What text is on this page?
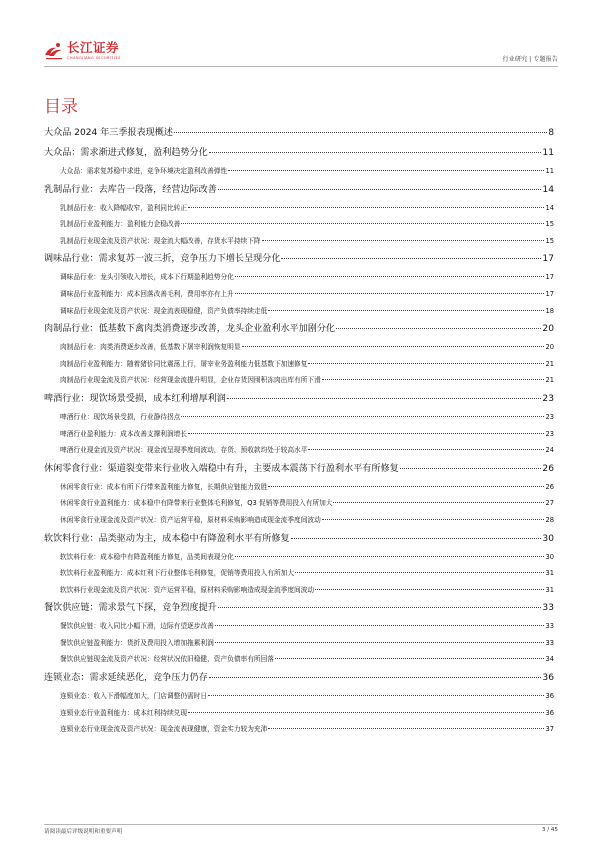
长江证券
CHANGJIANG SECURITIES	行业研究 | 专题报告
目录
大众品 2024 年三季报表现概述	8
大众品：需求渐进式修复，盈利趋势分化	11
大众品：需求复苏稳中求进，竞争环境决定盈利改善弹性	11
乳制品行业：去库告一段落，经营边际改善	14
乳制品行业：收入降幅收窄，盈利同比转正	14
乳制品行业盈利能力：盈利能力企稳改善	15
乳制品行业现金流及资产状况：现金流大幅改善，存货水平持续下降	15
调味品行业：需求复苏一波三折，竞争压力下增长呈现分化	17
调味品行业：龙头引领收入增长，成本下行期盈利趋势分化	17
调味品行业盈利能力：成本回落改善毛利，费用率亦有上升	17
调味品行业现金流及资产状况：现金流表现稳健，资产负债率持续走低	18
肉制品行业：低基数下禽肉类消费逐步改善，龙头企业盈利水平加剧分化	20
肉制品行业：肉类消费逐步改善，低基数下屠宰利润恢复明显	20
肉制品行业盈利能力：随着猪价同比震荡上行，屠宰业务盈利能力低基数下加速修复	21
肉制品行业现金流及资产状况：经营现金流提升明显，企业存货因囤积冻肉出库有所下滑	21
啤酒行业：现饮场景受损，成本红利增厚利润	23
啤酒行业：现饮场景受损，行业静待拐点	23
啤酒行业盈利能力：成本改善支撑利润增长	23
啤酒行业现金流及资产状况：现金流呈现季度间波动，存货、预收款均处于较高水平	24
休闲零食行业：渠道裂变带来行业收入端稳中有升，主要成本震荡下行盈利水平有所修复	26
休闲零食行业：成本有所下行带来盈利能力修复，长期供应链能力致胜	26
休闲零食行业盈利能力：成本稳中有降带来行业整体毛利修复，Q3 促销等费用投入有所加大	27
休闲零食行业现金流及资产状况：资产运营平稳，原材料采购影响造成现金流季度间波动	28
软饮料行业：品类驱动为主，成本稳中有降盈利水平有所修复	30
软饮料行业：成本稳中有降盈利能力修复，品类间表现分化	30
软饮料行业盈利能力：成本红利下行业整体毛利修复，促销等费用投入有所加大	31
软饮料行业现金流及资产状况：资产运营平稳，原材料采购影响造成现金流季度间波动	31
餐饮供应链：需求景气下探，竞争烈度提升	33
餐饮供应链：收入同比小幅下滑，边际有望逐步改善	33
餐饮供应链盈利能力：货折及费用投入增加拖累利润	33
餐饮供应链现金流及资产状况：经营状况依旧稳健，资产负债率有所回落	34
连锁业态：需求延续恶化，竞争压力仍存	36
连锁业态：收入下滑幅度加大，门店调整仍需时日	36
连锁业态行业盈利能力：成本红利持续兑现	36
连锁业态行业现金流及资产状况：现金流表现健康，资金实力较为充沛	37
请阅读最后评级说明和重要声明	3 / 45
